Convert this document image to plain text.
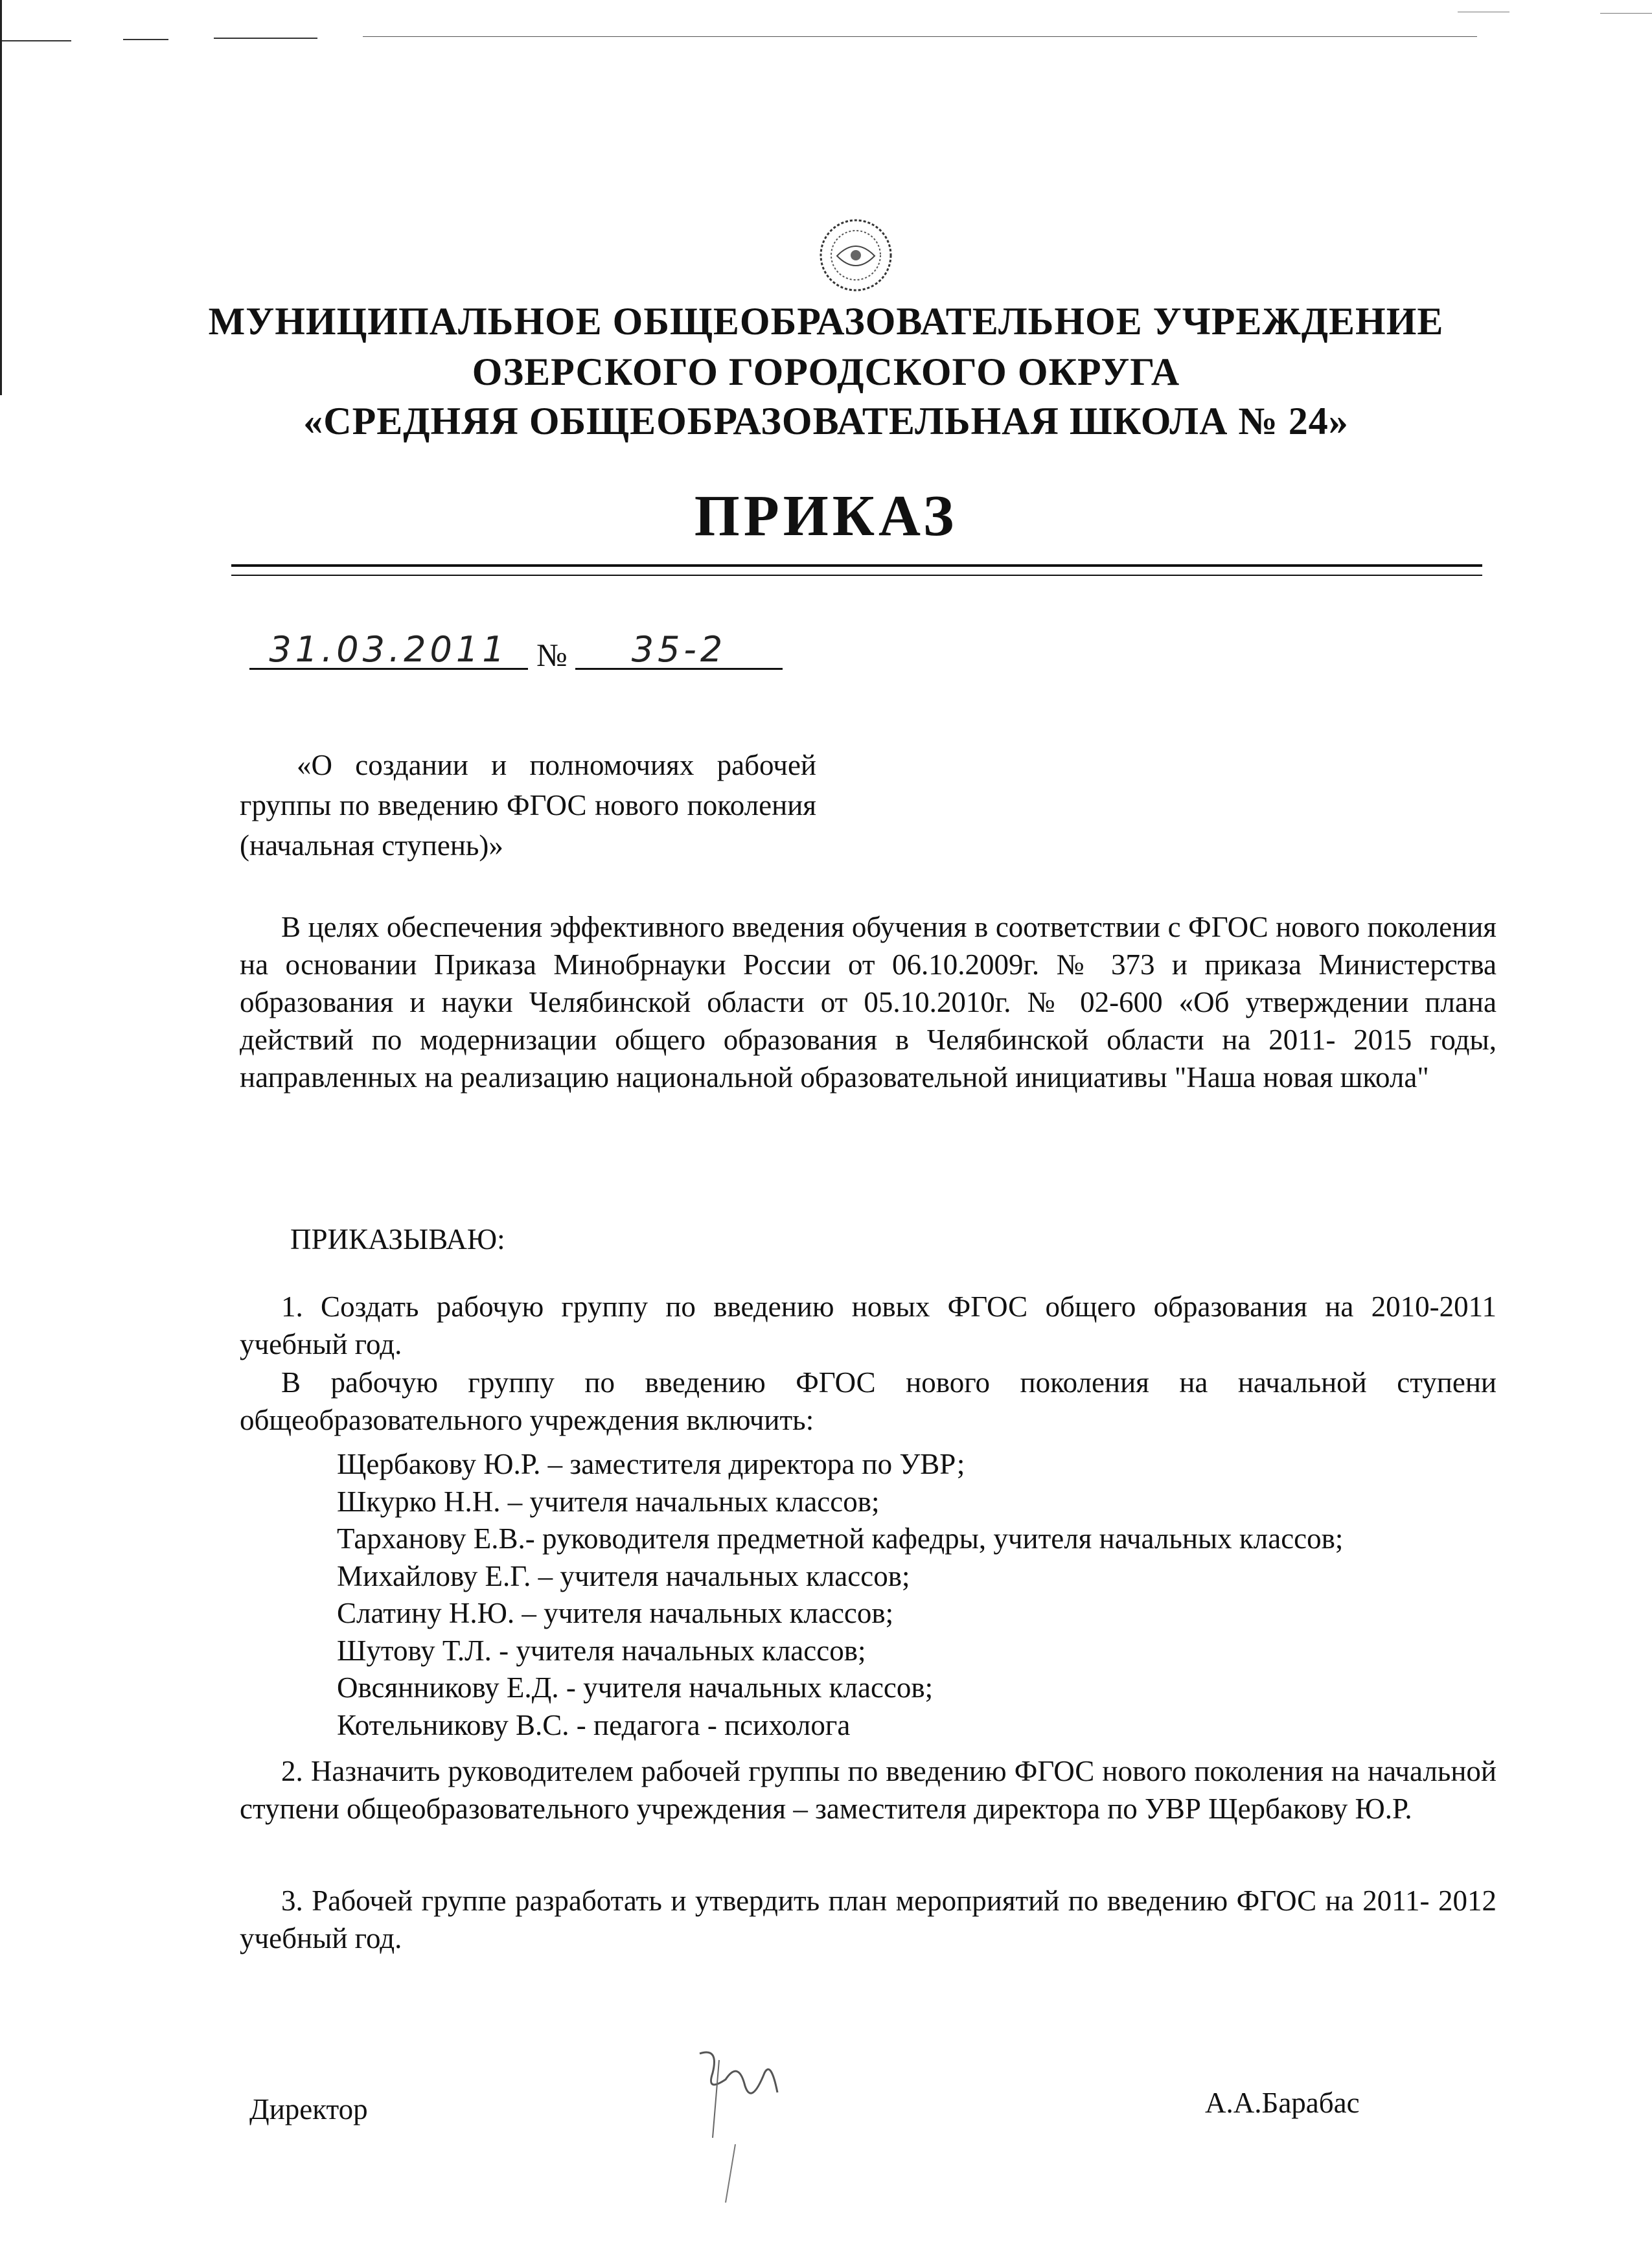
МУНИЦИПАЛЬНОЕ ОБЩЕОБРАЗОВАТЕЛЬНОЕ УЧРЕЖДЕНИЕ
ОЗЕРСКОГО ГОРОДСКОГО ОКРУГА
«СРЕДНЯЯ ОБЩЕОБРАЗОВАТЕЛЬНАЯ ШКОЛА № 24»
ПРИКАЗ
31.03.2011 №	35-2
«О создании и полномочиях рабочей группы по введению ФГОС нового поколения (начальная ступень)»
В целях обеспечения эффективного введения обучения в соответствии с ФГОС нового поколения на основании Приказа Минобрнауки России от 06.10.2009г. № 373 и приказа Министерства образования и науки Челябинской области от 05.10.2010г. № 02-600 «Об утверждении плана действий по модернизации общего образования в Челябинской области на 2011- 2015 годы, направленных на реализацию национальной образовательной инициативы "Наша новая школа"
ПРИКАЗЫВАЮ:
1. Создать рабочую группу по введению новых ФГОС общего образования на 2010-2011 учебный год.
В рабочую группу по введению ФГОС нового поколения на начальной ступени общеобразовательного учреждения включить:
Щербакову Ю.Р. – заместителя директора по УВР;
Шкурко Н.Н. – учителя начальных классов;
Тарханову Е.В.- руководителя предметной кафедры, учителя начальных классов;
Михайлову Е.Г. – учителя начальных классов;
Слатину Н.Ю. – учителя начальных классов;
Шутову Т.Л. - учителя начальных классов;
Овсянникову Е.Д. - учителя начальных классов;
Котельникову В.С. - педагога - психолога
2. Назначить руководителем рабочей группы по введению ФГОС нового поколения на начальной ступени общеобразовательного учреждения – заместителя директора по УВР Щербакову Ю.Р.
3. Рабочей группе разработать и утвердить план мероприятий по введению ФГОС на 2011- 2012 учебный год.
Директор	А.А.Барабас
